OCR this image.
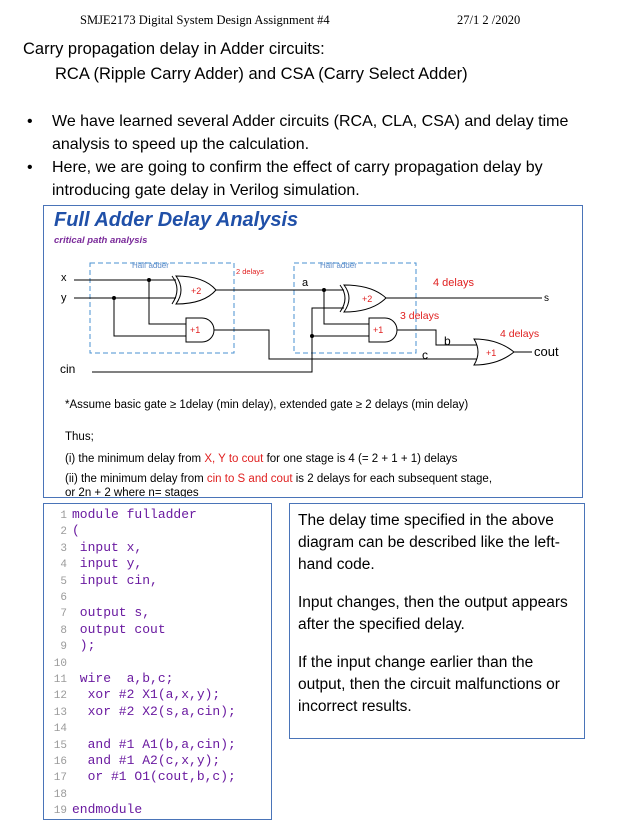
SMJE2173 Digital System Design Assignment #4	27/1 2 /2020
Carry propagation delay in Adder circuits:
RCA (Ripple Carry Adder) and CSA (Carry Select Adder)
• We have learned several Adder circuits (RCA, CLA, CSA) and delay time analysis to speed up the calculation.
• Here, we are going to confirm the effect of carry propagation delay by introducing gate delay in Verilog simulation.
Full Adder Delay Analysis
critical path analysis
Half adder	Half adder
x
y
cin
+2
+1
2 delays
a
+2
+1
s
4 delays
3 delays
b
c	+1	cout
4 delays
*Assume basic gate ≥ 1delay (min delay), extended gate ≥ 2 delays (min delay)
Thus;
(i) the minimum delay from X, Y to cout for one stage is 4 (= 2 + 1 + 1) delays
(ii) the minimum delay from cin to S and cout is 2 delays for each subsequent stage,
or 2n + 2 where n= stages
1 module fulladder
2 (
3 input x,
4 input y,
5 input cin,
6
7 output s,
8 output cout
9 );
10
11 wire  a,b,c;
12  xor #2 X1(a,x,y);
13  xor #2 X2(s,a,cin);
14
15  and #1 A1(b,a,cin);
16  and #1 A2(c,x,y);
17  or #1 O1(cout,b,c);
18
19 endmodule

The delay time specified in the above diagram can be described like the left-hand code.

Input changes, then the output appears after the specified delay.

If the input change earlier than the output, then the circuit malfunctions or incorrect results.
